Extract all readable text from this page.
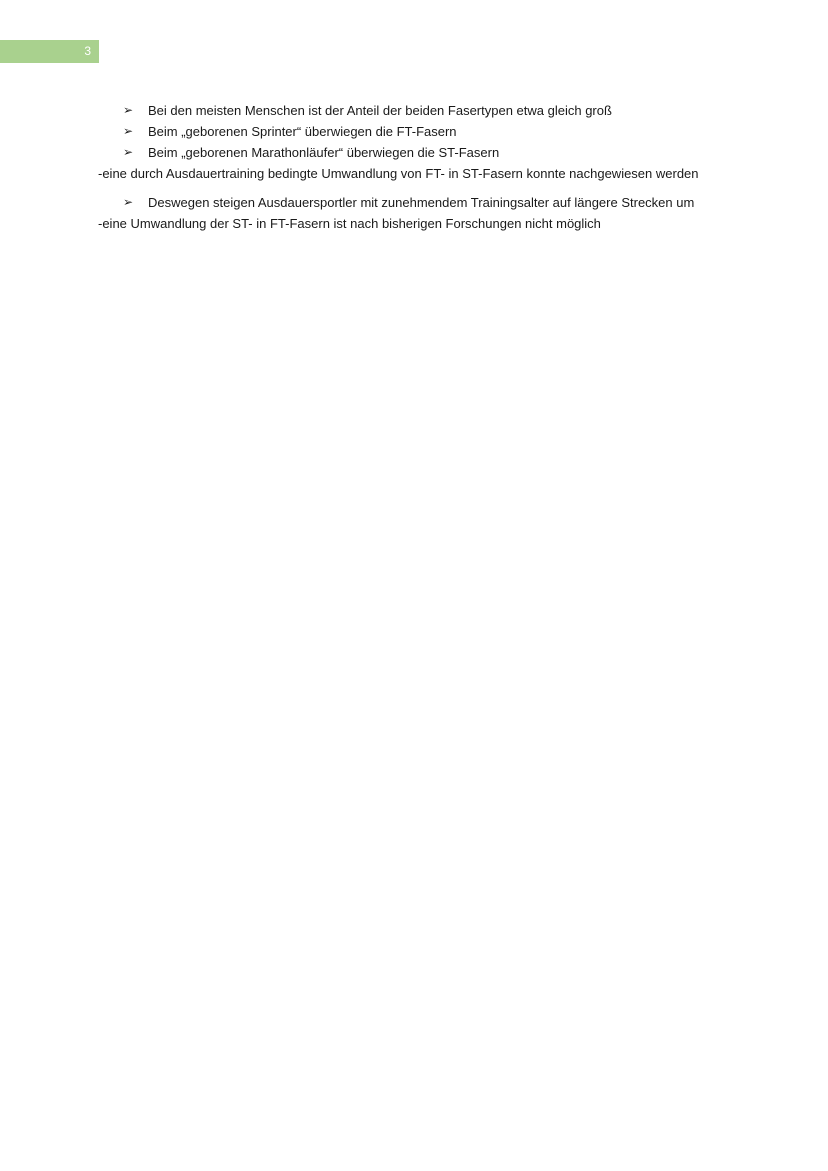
3
➢ Bei den meisten Menschen ist der Anteil der beiden Fasertypen etwa gleich groß
➢ Beim „geborenen Sprinter“ überwiegen die FT-Fasern
➢ Beim „geborenen Marathonläufer“ überwiegen die ST-Fasern

-eine durch Ausdauertraining bedingte Umwandlung von FT- in ST-Fasern konnte nachgewiesen werden

➢ Deswegen steigen Ausdauersportler mit zunehmendem Trainingsalter auf längere Strecken um

-eine Umwandlung der ST- in FT-Fasern ist nach bisherigen Forschungen nicht möglich
